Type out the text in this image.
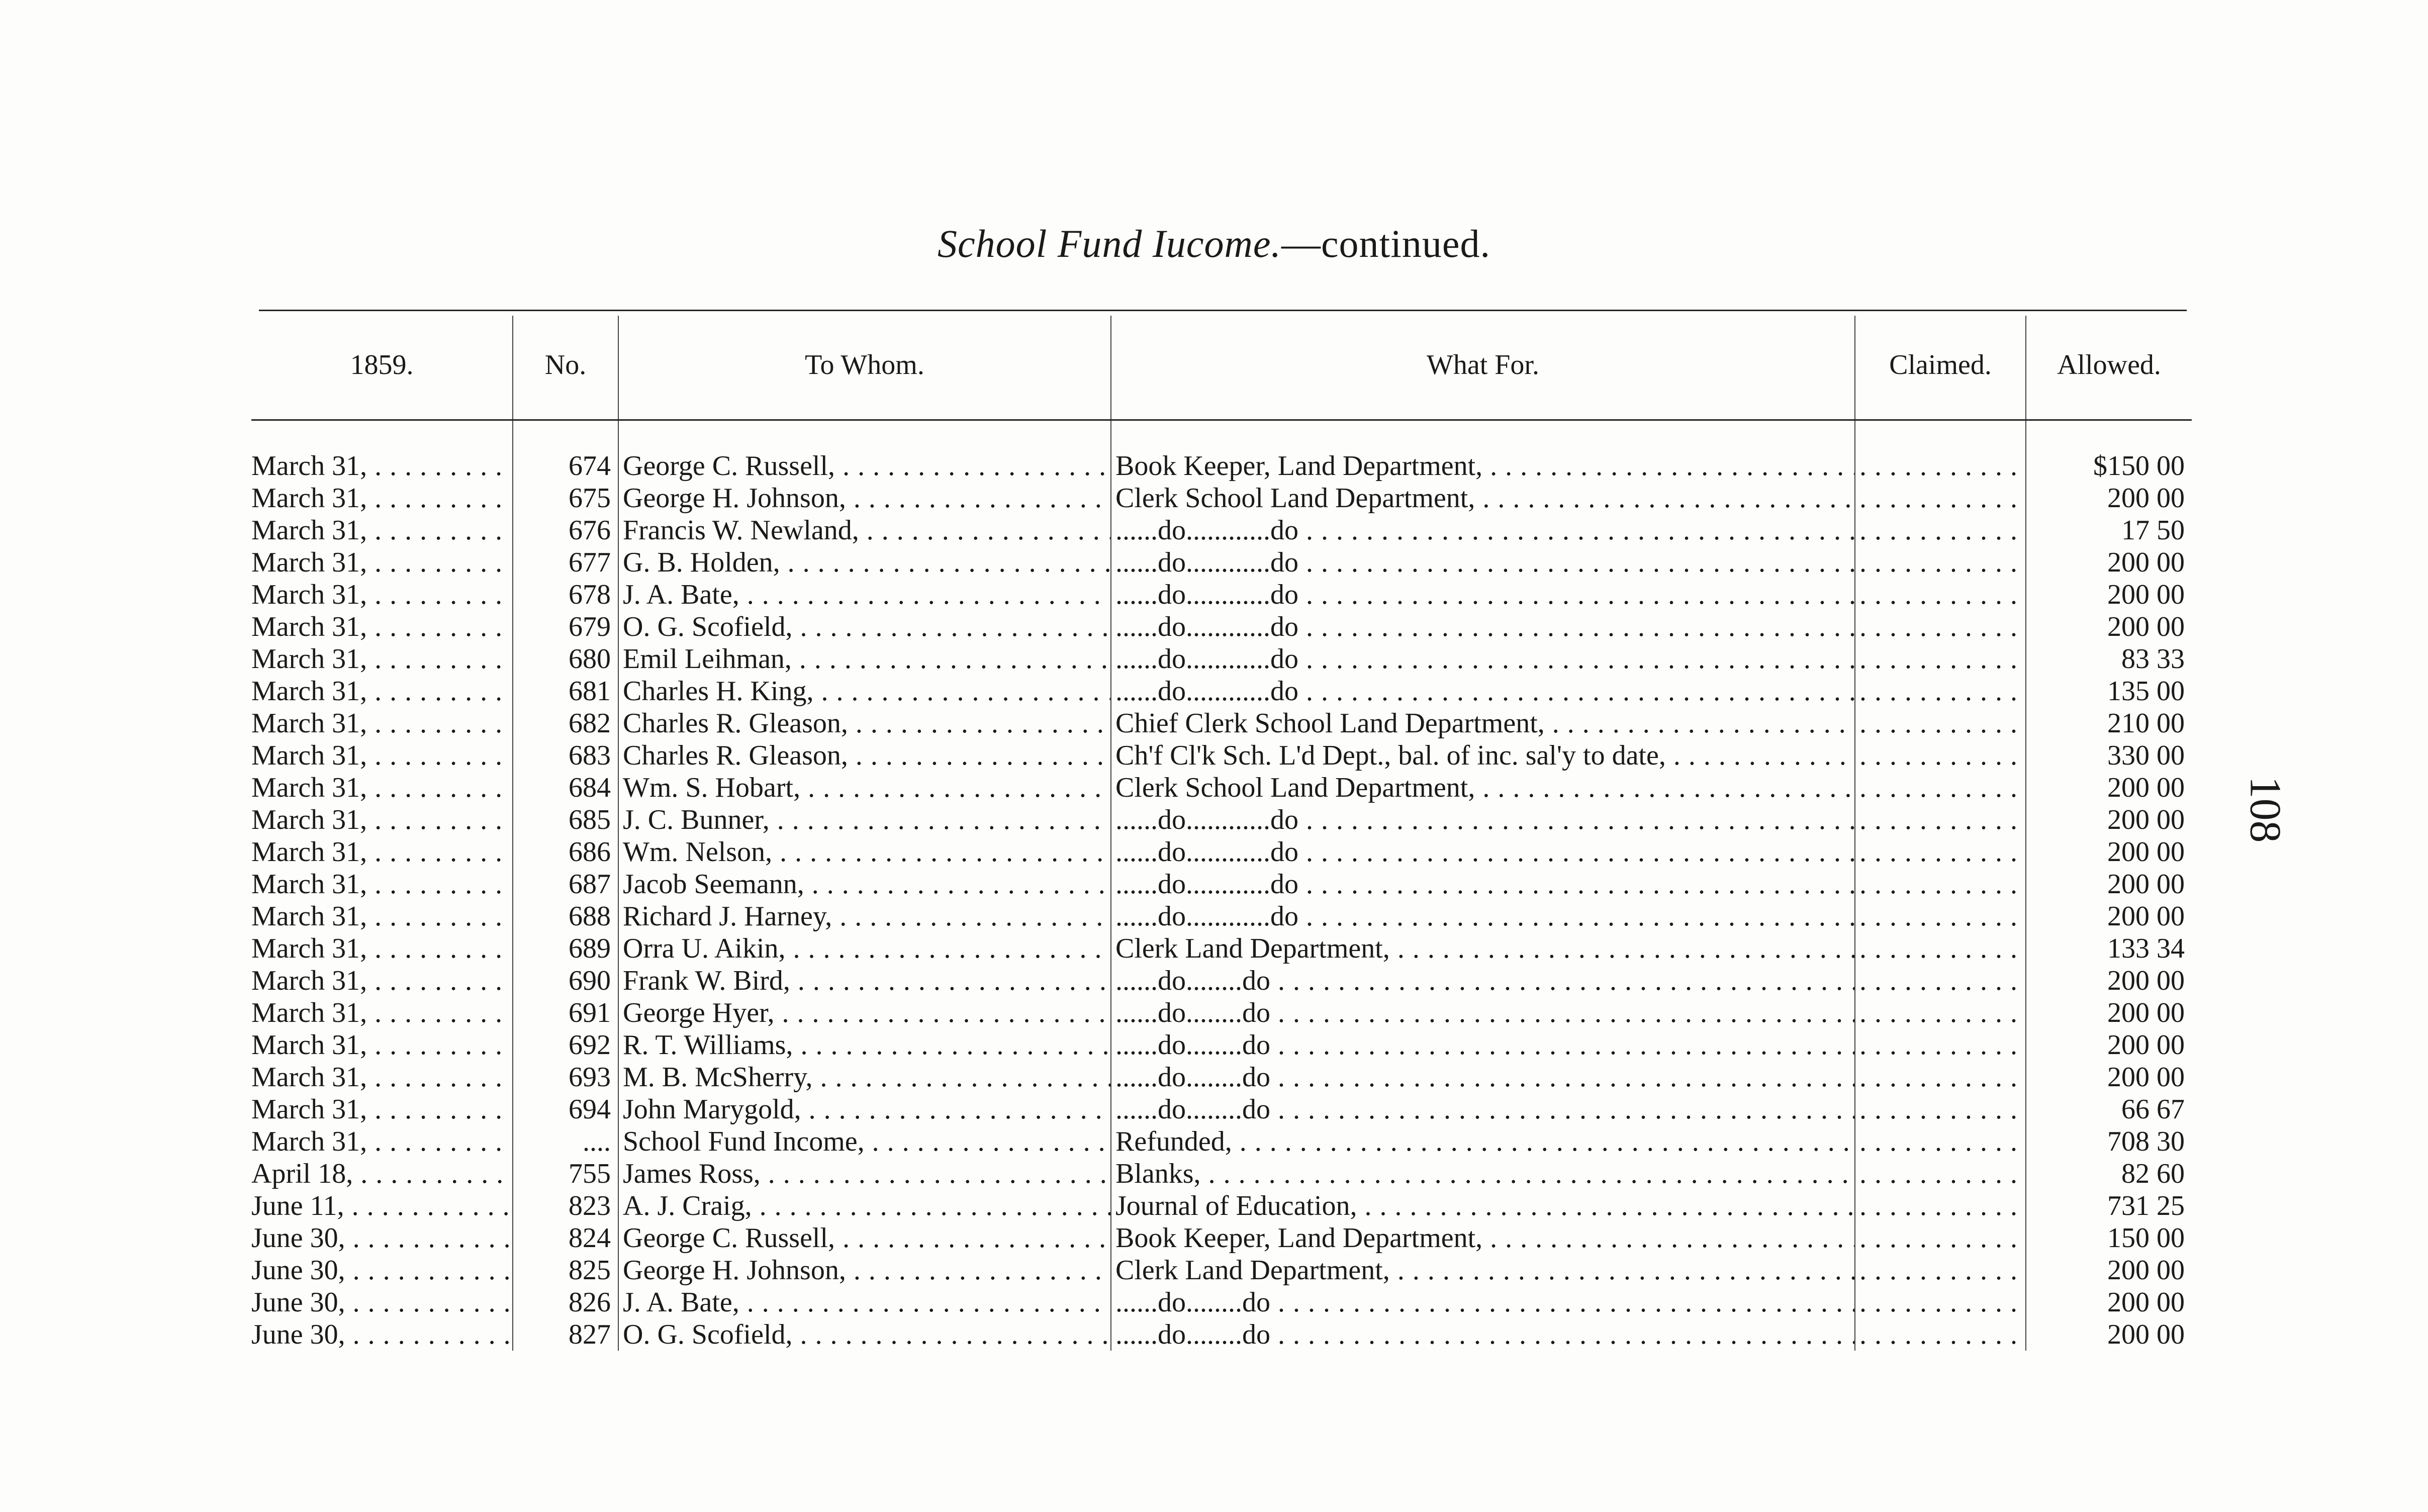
School Fund Iucome.—continued.
1859.	No.	To Whom.	What For.	Claimed.	Allowed.
March 31, . . .	674	George C. Russell, . . .	Book Keeper, Land Department, . . .	. . .	$150 00
March 31, . . .	675	George H. Johnson, . . .	Clerk School Land Department, . . .	. . .	200 00
March 31, . . .	676	Francis W. Newland, . . .	......do............do . . .	. . .	17 50
March 31, . . .	677	G. B. Holden, . . .	......do............do . . .	. . .	200 00
March 31, . . .	678	J. A. Bate, . . .	......do............do . . .	. . .	200 00
March 31, . . .	679	O. G. Scofield, . . .	......do............do . . .	. . .	200 00
March 31, . . .	680	Emil Leihman, . . .	......do............do . . .	. . .	83 33
March 31, . . .	681	Charles H. King, . . .	......do............do . . .	. . .	135 00
March 31, . . .	682	Charles R. Gleason, . . .	Chief Clerk School Land Department, . . .	. . .	210 00
March 31, . . .	683	Charles R. Gleason, . . .	Ch'f Cl'k Sch. L'd Dept., bal. of inc. sal'y to date, . . .	. . .	330 00
March 31, . . .	684	Wm. S. Hobart, . . .	Clerk School Land Department, . . .	. . .	200 00
March 31, . . .	685	J. C. Bunner, . . .	......do............do . . .	. . .	200 00
March 31, . . .	686	Wm. Nelson, . . .	......do............do . . .	. . .	200 00
March 31, . . .	687	Jacob Seemann, . . .	......do............do . . .	. . .	200 00
March 31, . . .	688	Richard J. Harney, . . .	......do............do . . .	. . .	200 00
March 31, . . .	689	Orra U. Aikin, . . .	Clerk Land Department, . . .	. . .	133 34
March 31, . . .	690	Frank W. Bird, . . .	......do........do . . .	. . .	200 00
March 31, . . .	691	George Hyer, . . .	......do........do . . .	. . .	200 00
March 31, . . .	692	R. T. Williams, . . .	......do........do . . .	. . .	200 00
March 31, . . .	693	M. B. McSherry, . . .	......do........do . . .	. . .	200 00
March 31, . . .	694	John Marygold, . . .	......do........do . . .	. . .	66 67
March 31, . . .	....	School Fund Income, . . .	Refunded, . . .	. . .	708 30
April 18, . . .	755	James Ross, . . .	Blanks, . . .	. . .	82 60
June 11, . . .	823	A. J. Craig, . . .	Journal of Education, . . .	. . .	731 25
June 30, . . .	824	George C. Russell, . . .	Book Keeper, Land Department, . . .	. . .	150 00
June 30, . . .	825	George H. Johnson, . . .	Clerk Land Department, . . .	. . .	200 00
June 30, . . .	826	J. A. Bate, . . .	......do........do . . .	. . .	200 00
June 30, . . .	827	O. G. Scofield, . . .	......do........do . . .	. . .	200 00
108
